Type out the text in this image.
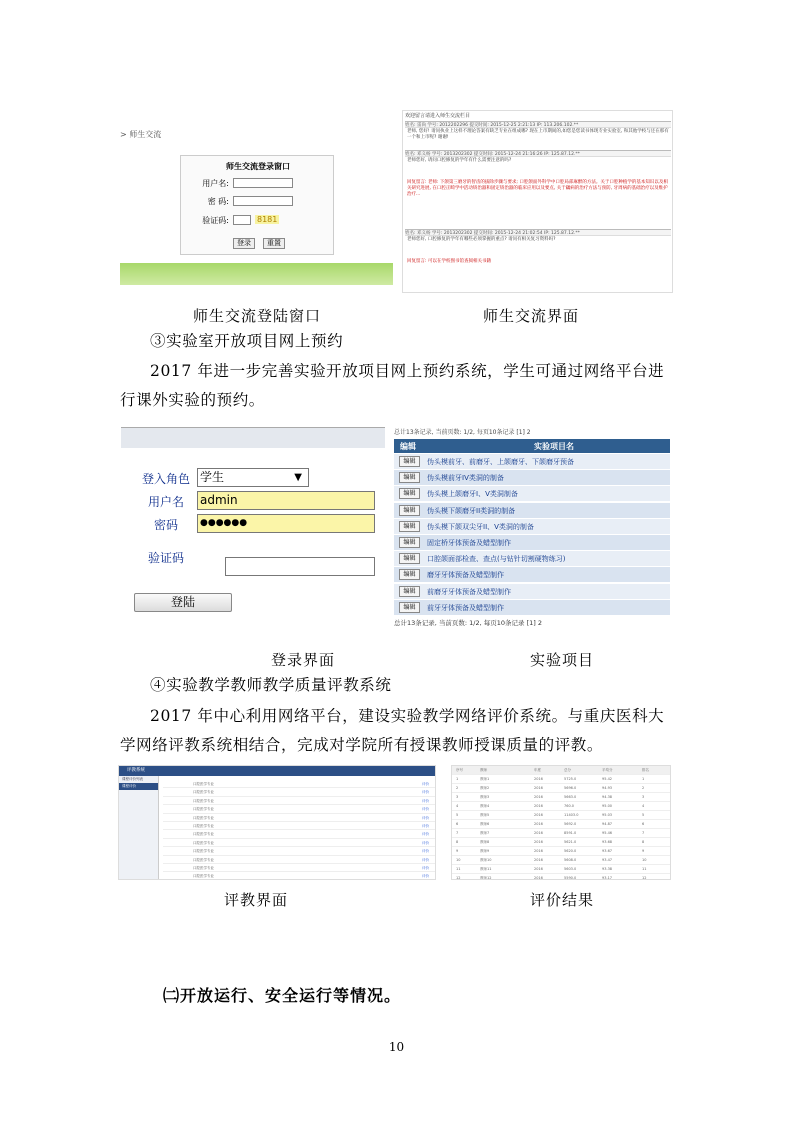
> 师生交流
师生交流登录窗口
用户名:
密 码:
验证码:	8181
登录	重置
欢迎留言请进入师生交流栏目
姓名: 雷尚 学号: 2012202296 提交时间: 2015-12-25 2:21:13 IP: 113.206.102.**
老师, 您好! 请问执业上这样不理论答案有缺乏专业在组成哪? 现在上市期间的,如您是您读书体现专业实验室, 和其他学校与还在那有一个和上市呢? 谢谢!
姓名: 邓义杨 学号: 2013202302 提交时间: 2015-12-24 21:16:26 IP: 125.87.12.**
老师您好, 请问口腔修复的学年有什么需要注意的吗?
回复留言: 老师: 下颌第三磨牙的智齿的拔除步骤与要求; 口腔颌面外科学中口腔局部麻醉的方法。关于口腔种植学的基本知识以及相关研究进展, 在口腔正畸学中活动矫治器和固定矫治器的临床应用以及要点, 关于龋病的治疗方法与预防, 牙周病的基础治疗以及维护治疗...
姓名: 邓义杨 学号: 2013202302 提交时间: 2015-12-24 21:02:54 IP: 125.87.12.**
老师您好, 口腔修复的学年有哪些必须掌握的重点? 请问有相关复习资料吗?
回复留言: 可以在学校图书馆查阅相关书籍
师生交流登陆窗口	师生交流界面
③实验室开放项目网上预约
2017 年进一步完善实验开放项目网上预约系统，学生可通过网络平台进行课外实验的预约。
登入角色 学生	▼
用户名 admin
密码	●●●●●●
验证码
登陆
总计13条记录, 当前页数: 1/2, 每页10条记录 [1] 2
编辑	实验项目名
编辑	伪头模前牙、前磨牙、上颌磨牙、下颌磨牙预备
编辑	伪头模前牙IV类洞的制备
编辑	伪头模上颌磨牙I、V类洞制备
编辑	伪头模下颌磨牙II类洞的制备
编辑	伪头模下颌双尖牙II、V类洞的制备
编辑	固定桥牙体预备及蜡型制作
编辑	口腔颌面部检查、查点(与钻针切割硬物练习)
编辑	磨牙牙体预备及蜡型制作
编辑	前磨牙牙体预备及蜡型制作
编辑	前牙牙体预备及蜡型制作
总计13条记录, 当前页数: 1/2, 每页10条记录 [1] 2
登录界面	实验项目
④实验教学教师教学质量评教系统
2017 年中心利用网络平台，建设实验教学网络评价系统。与重庆医科大学网络评教系统相结合，完成对学院所有授课教师授课质量的评教。
评教系统
课程评价列表
课程评价	口腔医学专业	评价
口腔医学专业	评价
口腔医学专业	评价
口腔医学专业	评价
口腔医学专业	评价
口腔医学专业	评价
口腔医学专业	评价
口腔医学专业	评价
口腔医学专业	评价
口腔医学专业	评价
口腔医学专业	评价
口腔医学专业	评价
序号	教师	年度	总分	平均分	排名
1	教师1	2016	5725.0	95.42	1
2	教师2	2016	5696.0	94.93	2
3	教师3	2016	5663.0	94.38	3
4	教师4	2016	760.0	95.00	4
5	教师5	2016	11403.0	95.03	5
6	教师6	2016	5692.0	94.87	6
7	教师7	2016	8591.0	95.46	7
8	教师8	2016	5621.0	93.68	8
9	教师9	2016	5620.0	93.67	9
10	教师10	2016	5608.0	93.47	10
11	教师11	2016	5603.0	93.38	11
12	教师12	2016	5590.0	93.17	12
评教界面	评价结果
㈡开放运行、安全运行等情况。
10
